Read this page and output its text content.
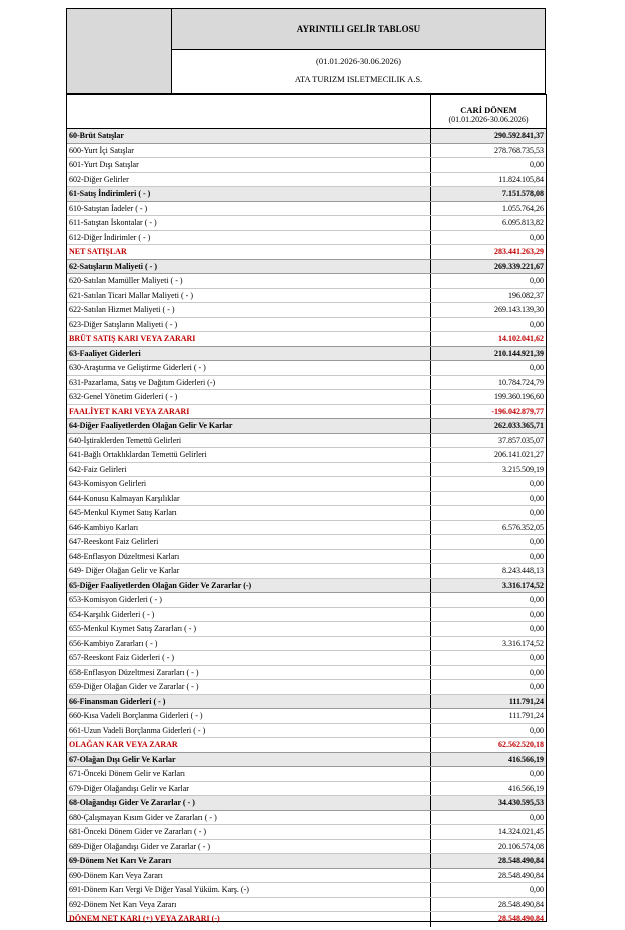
AYRINTILI GELİR TABLOSU
(01.01.2026-30.06.2026)
ATA TURIZM ISLETMECILIK A.S.
CARİ DÖNEM
(01.01.2026-30.06.2026)
60-Brüt Satışlar	290.592.841,37
600-Yurt İçi Satışlar	278.768.735,53
601-Yurt Dışı Satışlar	0,00
602-Diğer Gelirler	11.824.105,84
61-Satış İndirimleri ( - )	7.151.578,08
610-Satıştan İadeler ( - )	1.055.764,26
611-Satıştan İskontalar ( - )	6.095.813,82
612-Diğer İndirimler ( - )	0,00
NET SATIŞLAR	283.441.263,29
62-Satışların Maliyeti ( - )	269.339.221,67
620-Satılan Mamüller Maliyeti ( - )	0,00
621-Satılan Ticari Mallar Maliyeti ( - )	196.082,37
622-Satılan Hizmet Maliyeti ( - )	269.143.139,30
623-Diğer Satışların Maliyeti ( - )	0,00
BRÜT SATIŞ KARI VEYA ZARARI	14.102.041,62
63-Faaliyet Giderleri	210.144.921,39
630-Araştırma ve Geliştirme Giderleri ( - )	0,00
631-Pazarlama, Satış ve Dağıtım Giderleri (-)	10.784.724,79
632-Genel Yönetim Giderleri ( - )	199.360.196,60
FAALİYET KARI VEYA ZARARI	-196.042.879,77
64-Diğer Faaliyetlerden Olağan Gelir Ve Karlar	262.033.365,71
640-İştiraklerden Temettü Gelirleri	37.857.035,07
641-Bağlı Ortaklıklardan Temettü Gelirleri	206.141.021,27
642-Faiz Gelirleri	3.215.509,19
643-Komisyon Gelirleri	0,00
644-Konusu Kalmayan Karşılıklar	0,00
645-Menkul Kıymet Satış Karları	0,00
646-Kambiyo Karları	6.576.352,05
647-Reeskont Faiz Gelirleri	0,00
648-Enflasyon Düzeltmesi Karları	0,00
649- Diğer Olağan Gelir ve Karlar	8.243.448,13
65-Diğer Faaliyetlerden Olağan Gider Ve Zararlar (-)	3.316.174,52
653-Komisyon Giderleri ( - )	0,00
654-Karşılık Giderleri ( - )	0,00
655-Menkul Kıymet Satış Zararları ( - )	0,00
656-Kambiyo Zararları ( - )	3.316.174,52
657-Reeskont Faiz Giderleri ( - )	0,00
658-Enflasyon Düzeltmesi Zararları ( - )	0,00
659-Diğer Olağan Gider ve Zararlar ( - )	0,00
66-Finansman Giderleri ( - )	111.791,24
660-Kısa Vadeli Borçlanma Giderleri ( - )	111.791,24
661-Uzun Vadeli Borçlanma Giderleri ( - )	0,00
OLAĞAN KAR VEYA ZARAR	62.562.520,18
67-Olağan Dışı Gelir Ve Karlar	416.566,19
671-Önceki Dönem Gelir ve Karları	0,00
679-Diğer Olağandışı Gelir ve Karlar	416.566,19
68-Olağandışı Gider Ve Zararlar ( - )	34.430.595,53
680-Çalışmayan Kısım Gider ve Zararları ( - )	0,00
681-Önceki Dönem Gider ve Zararları ( - )	14.324.021,45
689-Diğer Olağandışı Gider ve Zararlar ( - )	20.106.574,08
69-Dönem Net Karı Ve Zararı	28.548.490,84
690-Dönem Karı Veya Zararı	28.548.490,84
691-Dönem Karı Vergi Ve Diğer Yasal Yüküm. Karş. (-)	0,00
692-Dönem Net Karı Veya Zararı	28.548.490,84
DÖNEM NET KARI (+) VEYA ZARARI (-)	28.548.490,84
